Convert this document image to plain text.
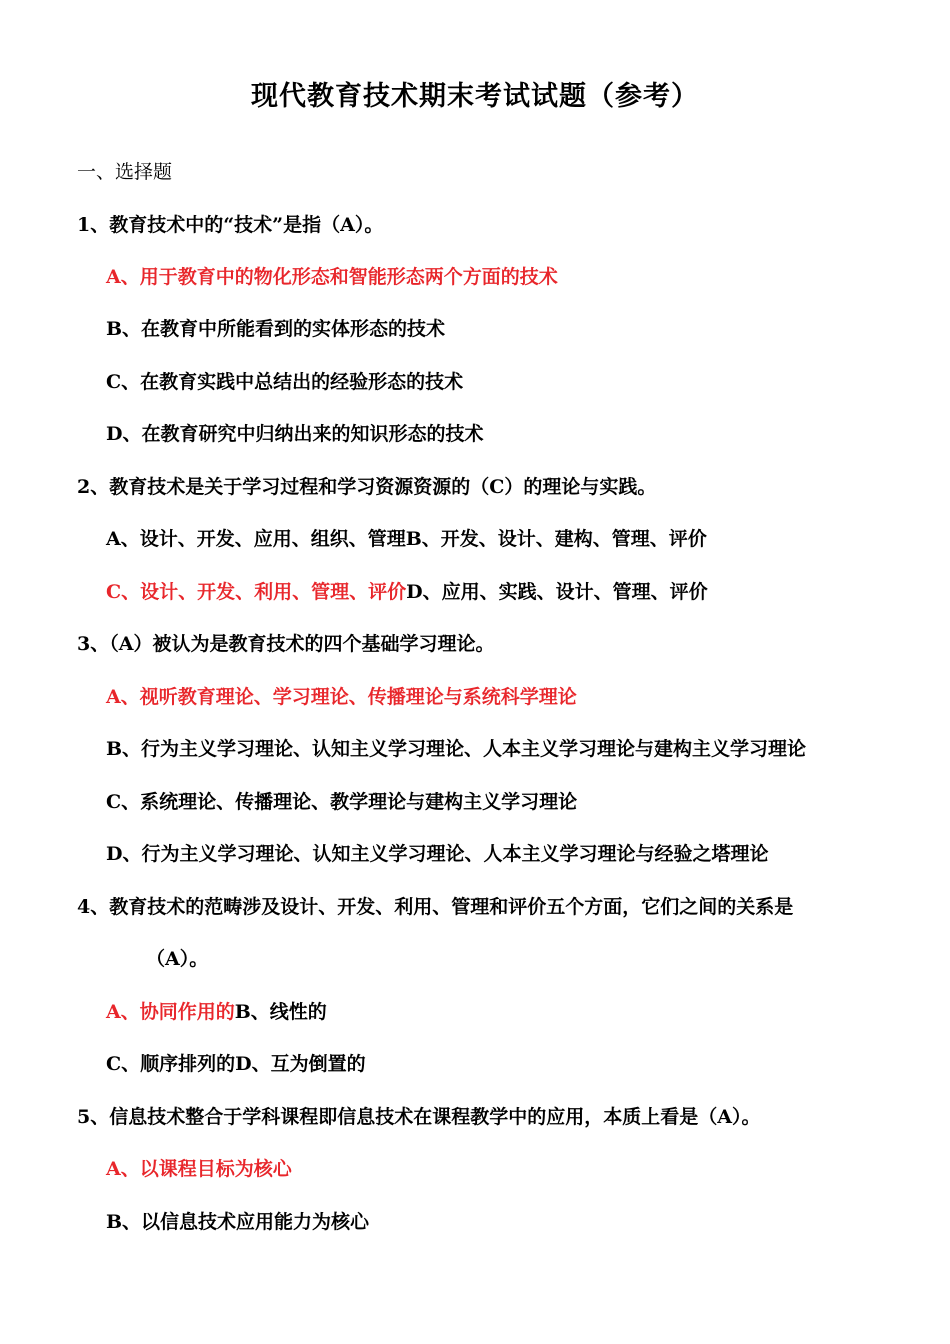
现代教育技术期末考试试题（参考）
一、选择题
1、教育技术中的“技术”是指（A）。
A、用于教育中的物化形态和智能形态两个方面的技术
B、在教育中所能看到的实体形态的技术
C、在教育实践中总结出的经验形态的技术
D、在教育研究中归纳出来的知识形态的技术
2、教育技术是关于学习过程和学习资源资源的（C）的理论与实践。
A、设计、开发、应用、组织、管理B、开发、设计、建构、管理、评价
C、设计、开发、利用、管理、评价D、应用、实践、设计、管理、评价
3、（A）被认为是教育技术的四个基础学习理论。
A、视听教育理论、学习理论、传播理论与系统科学理论
B、行为主义学习理论、认知主义学习理论、人本主义学习理论与建构主义学习理论
C、系统理论、传播理论、教学理论与建构主义学习理论
D、行为主义学习理论、认知主义学习理论、人本主义学习理论与经验之塔理论
4、教育技术的范畴涉及设计、开发、利用、管理和评价五个方面，它们之间的关系是
（A）。
A、协同作用的B、线性的
C、顺序排列的D、互为倒置的
5、信息技术整合于学科课程即信息技术在课程教学中的应用，本质上看是（A）。
A、以课程目标为核心
B、以信息技术应用能力为核心
